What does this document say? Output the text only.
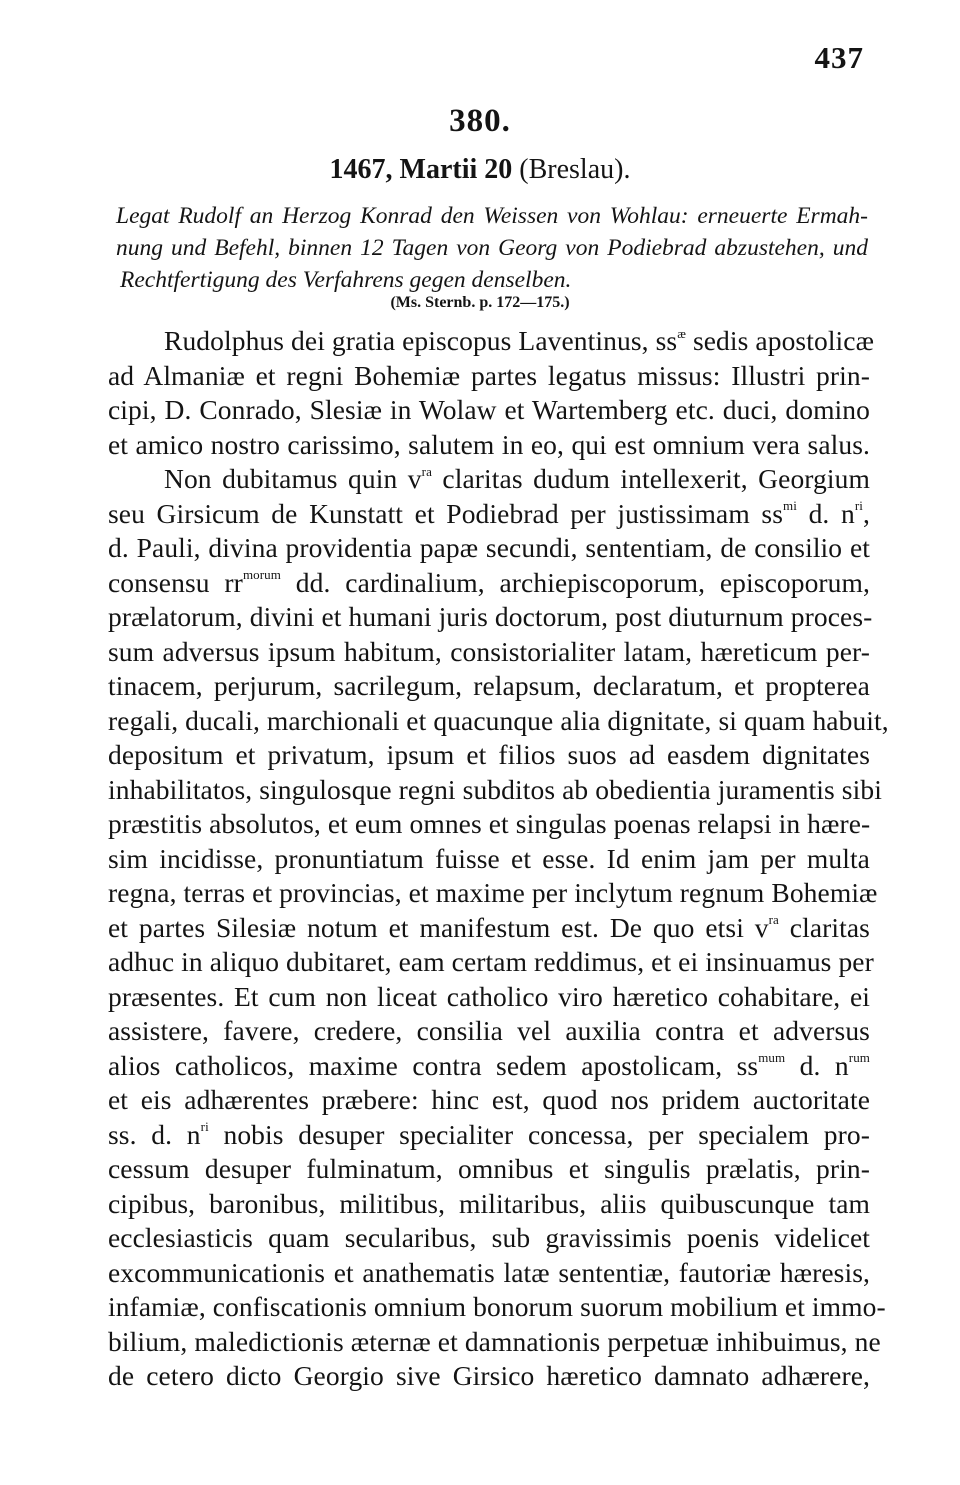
437
380.
1467, Martii 20 (Breslau).
Legat Rudolf an Herzog Konrad den Weissen von Wohlau: erneuerte Ermah-
nung und Befehl, binnen 12 Tagen von Georg von Podiebrad abzustehen, und
Rechtfertigung des Verfahrens gegen denselben.
(Ms. Sternb. p. 172—175.)
Rudolphus dei gratia episcopus Laventinus, $ss^æ$ sedis apostolicæ
ad Almaniæ et regni Bohemiæ partes legatus missus: Illustri prin-
cipi, D. Conrado, Slesiæ in Wolaw et Wartemberg etc. duci, domino
et amico nostro carissimo, salutem in eo, qui est omnium vera salus.
Non dubitamus quin $v^{ra}$ claritas dudum intellexerit, Georgium
seu Girsicum de Kunstatt et Podiebrad per justissimam $ss^{mi}$ d. $n^{ri}$,
d. Pauli, divina providentia papæ secundi, sententiam, de consilio et
consensu $rr^{morum}$ dd. cardinalium, archiepiscoporum, episcoporum,
prælatorum, divini et humani juris doctorum, post diuturnum proces-
sum adversus ipsum habitum, consistorialiter latam, hæreticum per-
tinacem, perjurum, sacrilegum, relapsum, declaratum, et propterea
regali, ducali, marchionali et quacunque alia dignitate, si quam habuit,
depositum et privatum, ipsum et filios suos ad easdem dignitates
inhabilitatos, singulosque regni subditos ab obedientia juramentis sibi
præstitis absolutos, et eum omnes et singulas poenas relapsi in hære-
sim incidisse, pronuntiatum fuisse et esse. Id enim jam per multa
regna, terras et provincias, et maxime per inclytum regnum Bohemiæ
et partes Silesiæ notum et manifestum est. De quo etsi $v^{ra}$ claritas
adhuc in aliquo dubitaret, eam certam reddimus, et ei insinuamus per
præsentes. Et cum non liceat catholico viro hæretico cohabitare, ei
assistere, favere, credere, consilia vel auxilia contra et adversus
alios catholicos, maxime contra sedem apostolicam, $ss^{mum}$ d. $n^{rum}$
et eis adhærentes præbere: hinc est, quod nos pridem auctoritate
ss. d. $n^{ri}$ nobis desuper specialiter concessa, per specialem pro-
cessum desuper fulminatum, omnibus et singulis prælatis, prin-
cipibus, baronibus, militibus, militaribus, aliis quibuscunque tam
ecclesiasticis quam secularibus, sub gravissimis poenis videlicet
excommunicationis et anathematis latæ sententiæ, fautoriæ hæresis,
infamiæ, confiscationis omnium bonorum suorum mobilium et immo-
bilium, maledictionis æternæ et damnationis perpetuæ inhibuimus, ne
de cetero dicto Georgio sive Girsico hæretico damnato adhærere,
